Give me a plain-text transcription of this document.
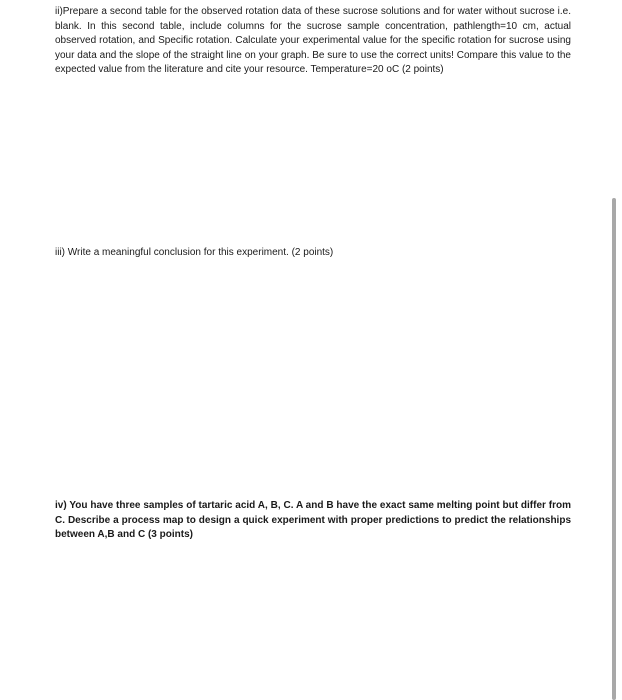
ii)Prepare a second table for the observed rotation data of these sucrose solutions and for water without sucrose i.e. blank. In this second table, include columns for the sucrose sample concentration, pathlength=10 cm, actual observed rotation, and Specific rotation. Calculate your experimental value for the specific rotation for sucrose using your data and the slope of the straight line on your graph. Be sure to use the correct units! Compare this value to the expected value from the literature and cite your resource. Temperature=20 oC (2 points)

iii) Write a meaningful conclusion for this experiment. (2 points)

iv) You have three samples of tartaric acid A, B, C. A and B have the exact same melting point but differ from C. Describe a process map to design a quick experiment with proper predictions to predict the relationships between A,B and C (3 points)
